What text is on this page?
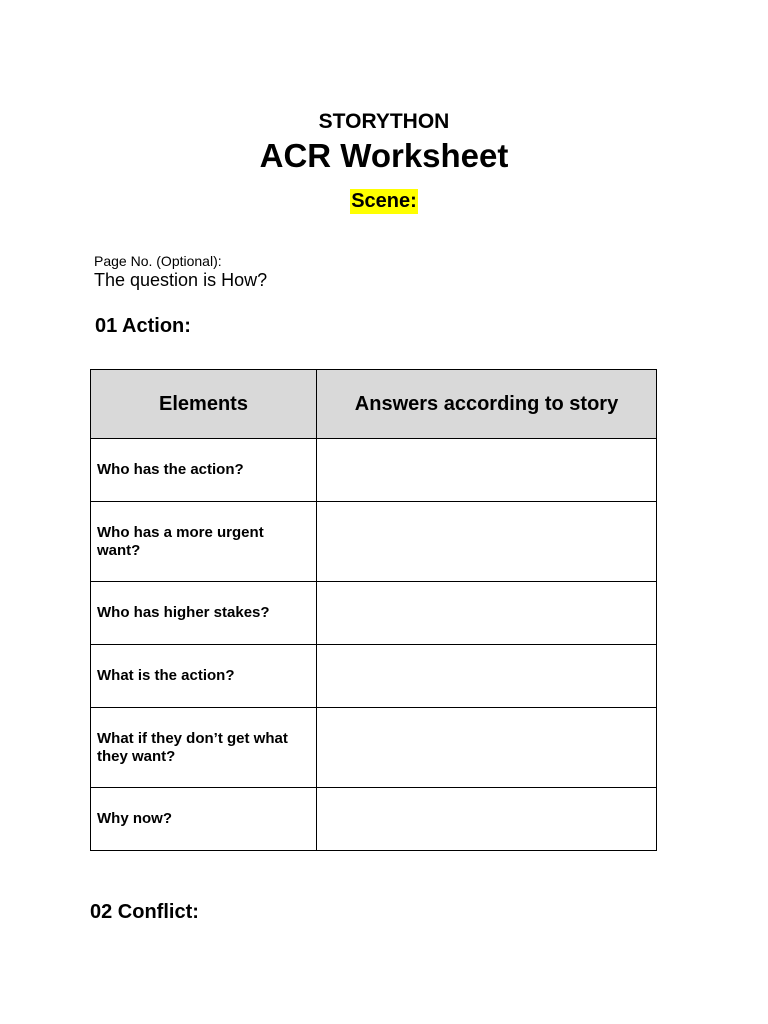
STORYTHON
ACR Worksheet
Scene:
Page No. (Optional):
The question is How?
01 Action:
Elements	Answers according to story
Who has the action?	
Who has a more urgent want?	
Who has higher stakes?	
What is the action?	
What if they don’t get what they want?	
Why now?	
02 Conflict:
